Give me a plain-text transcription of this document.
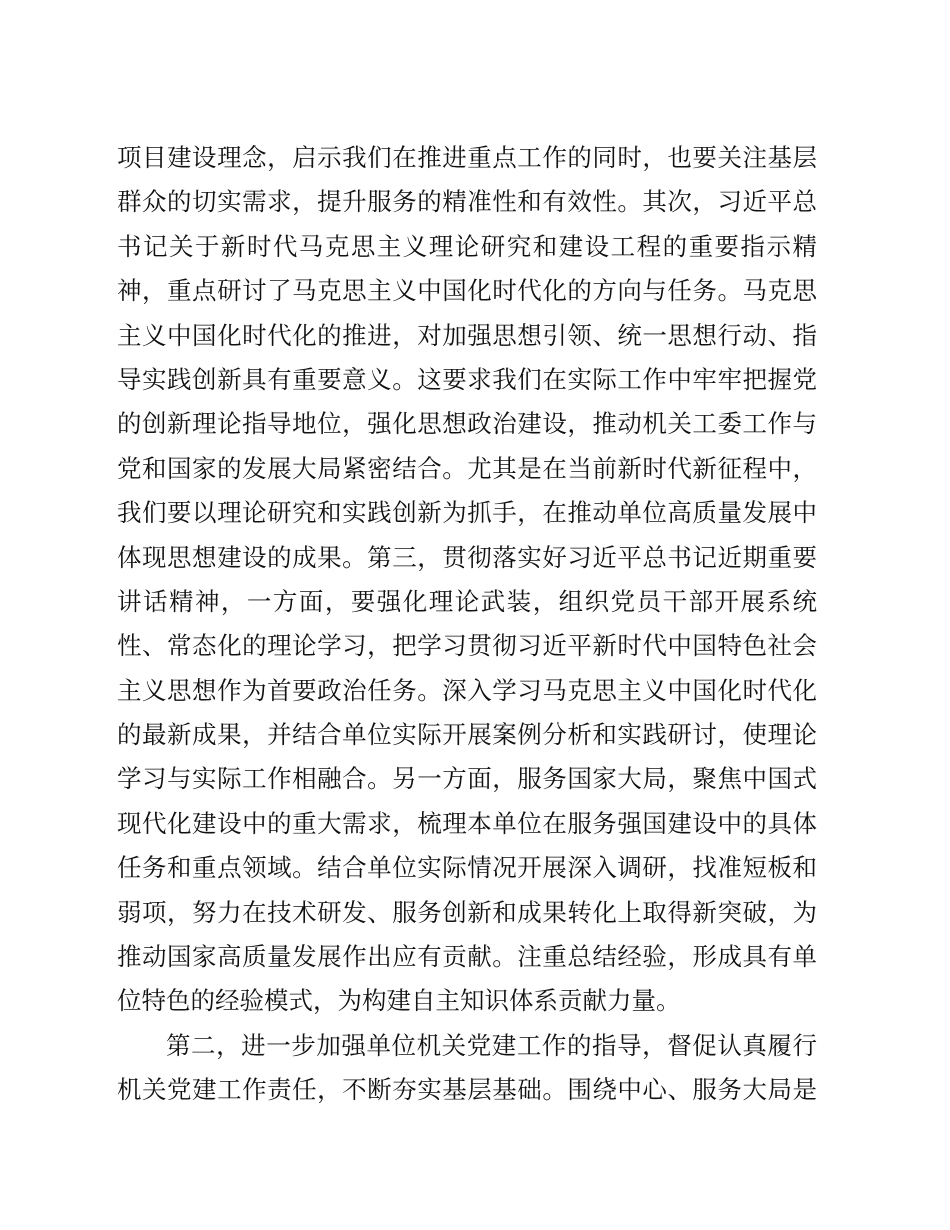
项目建设理念，启示我们在推进重点工作的同时，也要关注基层
群众的切实需求，提升服务的精准性和有效性。其次，习近平总
书记关于新时代马克思主义理论研究和建设工程的重要指示精
神，重点研讨了马克思主义中国化时代化的方向与任务。马克思
主义中国化时代化的推进，对加强思想引领、统一思想行动、指
导实践创新具有重要意义。这要求我们在实际工作中牢牢把握党
的创新理论指导地位，强化思想政治建设，推动机关工委工作与
党和国家的发展大局紧密结合。尤其是在当前新时代新征程中，
我们要以理论研究和实践创新为抓手，在推动单位高质量发展中
体现思想建设的成果。第三，贯彻落实好习近平总书记近期重要
讲话精神，一方面，要强化理论武装，组织党员干部开展系统
性、常态化的理论学习，把学习贯彻习近平新时代中国特色社会
主义思想作为首要政治任务。深入学习马克思主义中国化时代化
的最新成果，并结合单位实际开展案例分析和实践研讨，使理论
学习与实际工作相融合。另一方面，服务国家大局，聚焦中国式
现代化建设中的重大需求，梳理本单位在服务强国建设中的具体
任务和重点领域。结合单位实际情况开展深入调研，找准短板和
弱项，努力在技术研发、服务创新和成果转化上取得新突破，为
推动国家高质量发展作出应有贡献。注重总结经验，形成具有单
位特色的经验模式，为构建自主知识体系贡献力量。
第二，进一步加强单位机关党建工作的指导，督促认真履行
机关党建工作责任，不断夯实基层基础。围绕中心、服务大局是
